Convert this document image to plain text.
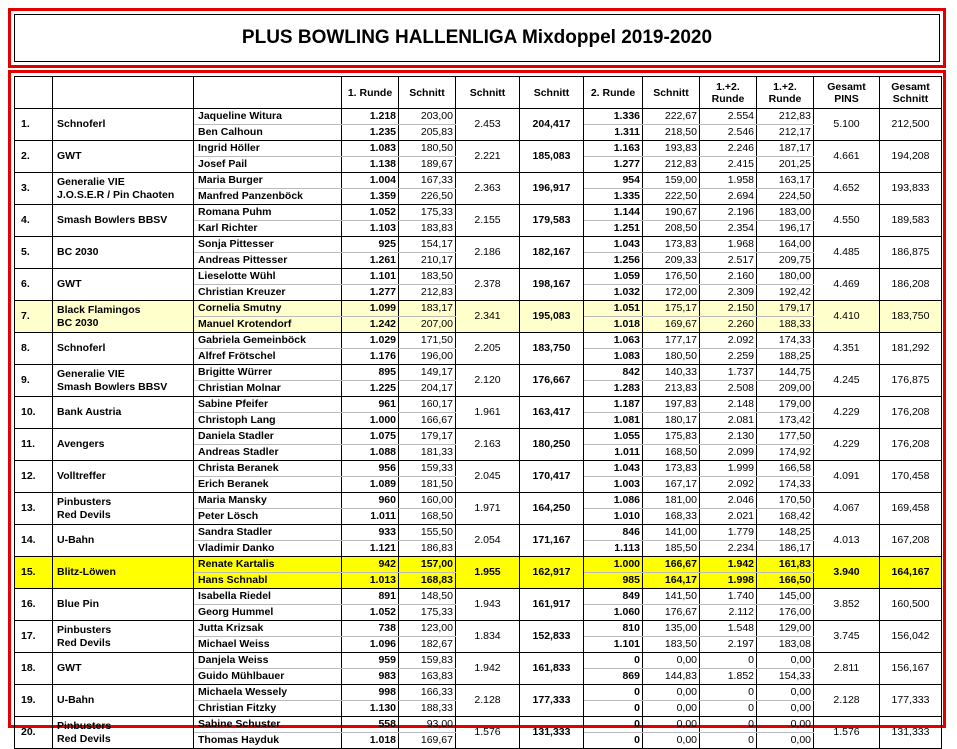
PLUS BOWLING HALLENLIGA Mixdoppel 2019-2020
			1. Runde	Schnitt	Schnitt	Schnitt	2. Runde	Schnitt	1.+2. Runde	1.+2. Runde	Gesamt PINS	Gesamt Schnitt
1.	Schnoferl	Jaqueline Witura	1.218	203,00	2.453	204,417	1.336	222,67	2.554	212,83	5.100	212,500
		Ben Calhoun	1.235	205,83			1.311	218,50	2.546	212,17		
2.	GWT	Ingrid Höller	1.083	180,50	2.221	185,083	1.163	193,83	2.246	187,17	4.661	194,208
		Josef Pail	1.138	189,67			1.277	212,83	2.415	201,25		
3.	Generalie VIE
J.O.S.E.R / Pin Chaoten	Maria Burger	1.004	167,33	2.363	196,917	954	159,00	1.958	163,17	4.652	193,833
		Manfred Panzenböck	1.359	226,50			1.335	222,50	2.694	224,50		
4.	Smash Bowlers BBSV	Romana Puhm	1.052	175,33	2.155	179,583	1.144	190,67	2.196	183,00	4.550	189,583
		Karl Richter	1.103	183,83			1.251	208,50	2.354	196,17		
5.	BC 2030	Sonja Pittesser	925	154,17	2.186	182,167	1.043	173,83	1.968	164,00	4.485	186,875
		Andreas Pittesser	1.261	210,17			1.256	209,33	2.517	209,75		
6.	GWT	Lieselotte Wühl	1.101	183,50	2.378	198,167	1.059	176,50	2.160	180,00	4.469	186,208
		Christian Kreuzer	1.277	212,83			1.032	172,00	2.309	192,42		
7.	Black Flamingos
BC 2030	Cornelia Smutny	1.099	183,17	2.341	195,083	1.051	175,17	2.150	179,17	4.410	183,750
		Manuel Krotendorf	1.242	207,00			1.018	169,67	2.260	188,33		
8.	Schnoferl	Gabriela Gemeinböck	1.029	171,50	2.205	183,750	1.063	177,17	2.092	174,33	4.351	181,292
		Alfref Frötschel	1.176	196,00			1.083	180,50	2.259	188,25		
9.	Generalie VIE
Smash Bowlers BBSV	Brigitte Würrer	895	149,17	2.120	176,667	842	140,33	1.737	144,75	4.245	176,875
		Christian Molnar	1.225	204,17			1.283	213,83	2.508	209,00		
10.	Bank Austria	Sabine Pfeifer	961	160,17	1.961	163,417	1.187	197,83	2.148	179,00	4.229	176,208
		Christoph Lang	1.000	166,67			1.081	180,17	2.081	173,42		
11.	Avengers	Daniela Stadler	1.075	179,17	2.163	180,250	1.055	175,83	2.130	177,50	4.229	176,208
		Andreas Stadler	1.088	181,33			1.011	168,50	2.099	174,92		
12.	Volltreffer	Christa Beranek	956	159,33	2.045	170,417	1.043	173,83	1.999	166,58	4.091	170,458
		Erich Beranek	1.089	181,50			1.003	167,17	2.092	174,33		
13.	Pinbusters
Red Devils	Maria Mansky	960	160,00	1.971	164,250	1.086	181,00	2.046	170,50	4.067	169,458
		Peter Lösch	1.011	168,50			1.010	168,33	2.021	168,42		
14.	U-Bahn	Sandra Stadler	933	155,50	2.054	171,167	846	141,00	1.779	148,25	4.013	167,208
		Vladimir Danko	1.121	186,83			1.113	185,50	2.234	186,17		
15.	Blitz-Löwen	Renate Kartalis	942	157,00	1.955	162,917	1.000	166,67	1.942	161,83	3.940	164,167
		Hans Schnabl	1.013	168,83			985	164,17	1.998	166,50		
16.	Blue Pin	Isabella Riedel	891	148,50	1.943	161,917	849	141,50	1.740	145,00	3.852	160,500
		Georg Hummel	1.052	175,33			1.060	176,67	2.112	176,00		
17.	Pinbusters
Red Devils	Jutta Krizsak	738	123,00	1.834	152,833	810	135,00	1.548	129,00	3.745	156,042
		Michael Weiss	1.096	182,67			1.101	183,50	2.197	183,08		
18.	GWT	Danjela Weiss	959	159,83	1.942	161,833	0	0,00	0	0,00	2.811	156,167
		Guido Mühlbauer	983	163,83			869	144,83	1.852	154,33		
19.	U-Bahn	Michaela Wessely	998	166,33	2.128	177,333	0	0,00	0	0,00	2.128	177,333
		Christian Fitzky	1.130	188,33			0	0,00	0	0,00		
20.	Pinbusters
Red Devils	Sabine Schuster	558	93,00	1.576	131,333	0	0,00	0	0,00	1.576	131,333
		Thomas Hayduk	1.018	169,67			0	0,00	0	0,00		
